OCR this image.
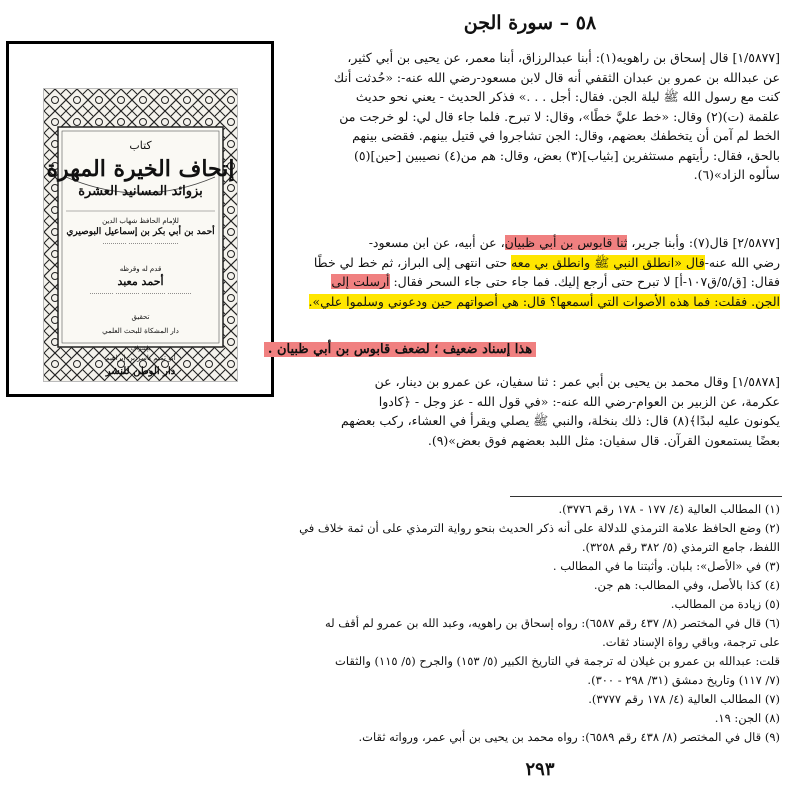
كتاب
إتحاف الخيرة المهرة
بزوائد المسانيد العشرة
للإمام الحافظ شهاب الدين
أحمد بن أبي بكر بن إسماعيل البوصيري
………… ………… …………
قدم له وقرظه
أحمد معبد
………… ………… ………… …………
تحقيق
دار المشكاة للبحث العلمي
بإشراف
أبو تميم ياسر بن إبراهيم
دار الوطن للنشر
٥٨ – سورة الجن

[١/٥٨٧٧] قال إسحاق بن راهويه(١): أبنا عبدالرزاق، أبنا معمر، عن يحيى بن أبي كثير،

عن عبدالله بن عمرو بن عبدان الثقفي أنه قال لابن مسعود-رضي الله عنه-: «حُدثت أنك

كنت مع رسول الله ﷺ ليلة الجن. فقال: أجل . . .» فذكر الحديث - يعني نحو حديث

علقمة (ت)(٢) وقال: «خط عليَّ خطًا»، وقال: لا تبرح. فلما جاء قال لي: لو خرجت من

الخط لم آمن أن يتخطفك بعضهم، وقال: الجن تشاجروا في قتيل بينهم. فقضى بينهم

بالحق، فقال: رأيتهم مستثفرين [بثياب](٣) بعض، وقال: هم من(٤) نصيبين [حين](٥)

سألوه الزاد»(٦).

[٢/٥٨٧٧] قال(٧): وأبنا جرير، ثنا قابوس بن أبي ظبيان، عن أبيه، عن ابن مسعود-

رضي الله عنه-قال «انطلق النبي ﷺ وانطلق بي معه حتى انتهى إلى البراز، ثم خط لي خطًا

فقال: [ق/٥/ق١٠٧-أ] لا تبرح حتى أرجع إليك. فما جاء حتى جاء السحر فقال: أرسلت إلى

الجن. فقلت: فما هذه الأصوات التي أسمعها؟ قال: هي أصواتهم حين ودعوني وسلموا علي».

هذا إسناد ضعيف ؛ لضعف قابوس بن أبي ظبيان .

[١/٥٨٧٨] وقال محمد بن يحيى بن أبي عمر : ثنا سفيان، عن عمرو بن دينار، عن

عكرمة، عن الزبير بن العوام-رضي الله عنه-: «في قول الله - عز وجل - ﴿كادوا

يكونون عليه لبدًا﴾(٨) قال: ذلك بنخلة، والنبي ﷺ يصلي ويقرأ في العشاء، ركب بعضهم

بعضًا يستمعون القرآن. قال سفيان: مثل اللبد بعضهم فوق بعض»(٩).

(١) المطالب العالية (٤/ ١٧٧ - ١٧٨ رقم ٣٧٧٦).

(٢) وضع الحافظ علامة الترمذي للدلالة على أنه ذكر الحديث بنحو رواية الترمذي على أن ثمة خلاف في

اللفظ، جامع الترمذي (٥/ ٣٨٢ رقم ٣٢٥٨).

(٣) في «الأصل»: بلبان. وأثبتنا ما في المطالب .

(٤) كذا بالأصل، وفي المطالب: هم جن.

(٥) زيادة من المطالب.

(٦) قال في المختصر (٨/ ٤٣٧ رقم ٦٥٨٧): رواه إسحاق بن راهويه، وعبد الله بن عمرو لم أقف له

على ترجمة، وباقي رواة الإسناد ثقات.

قلت: عبدالله بن عمرو بن غيلان له ترجمة في التاريخ الكبير (٥/ ١٥٣) والجرح (٥/ ١١٥) والثقات

(٧/ ١١٧) وتاريخ دمشق (٣١/ ٢٩٨ - ٣٠٠).

(٧) المطالب العالية (٤/ ١٧٨ رقم ٣٧٧٧).

(٨) الجن: ١٩.

(٩) قال في المختصر (٨/ ٤٣٨ رقم ٦٥٨٩): رواه محمد بن يحيى بن أبي عمر، ورواته ثقات.

٢٩٣
